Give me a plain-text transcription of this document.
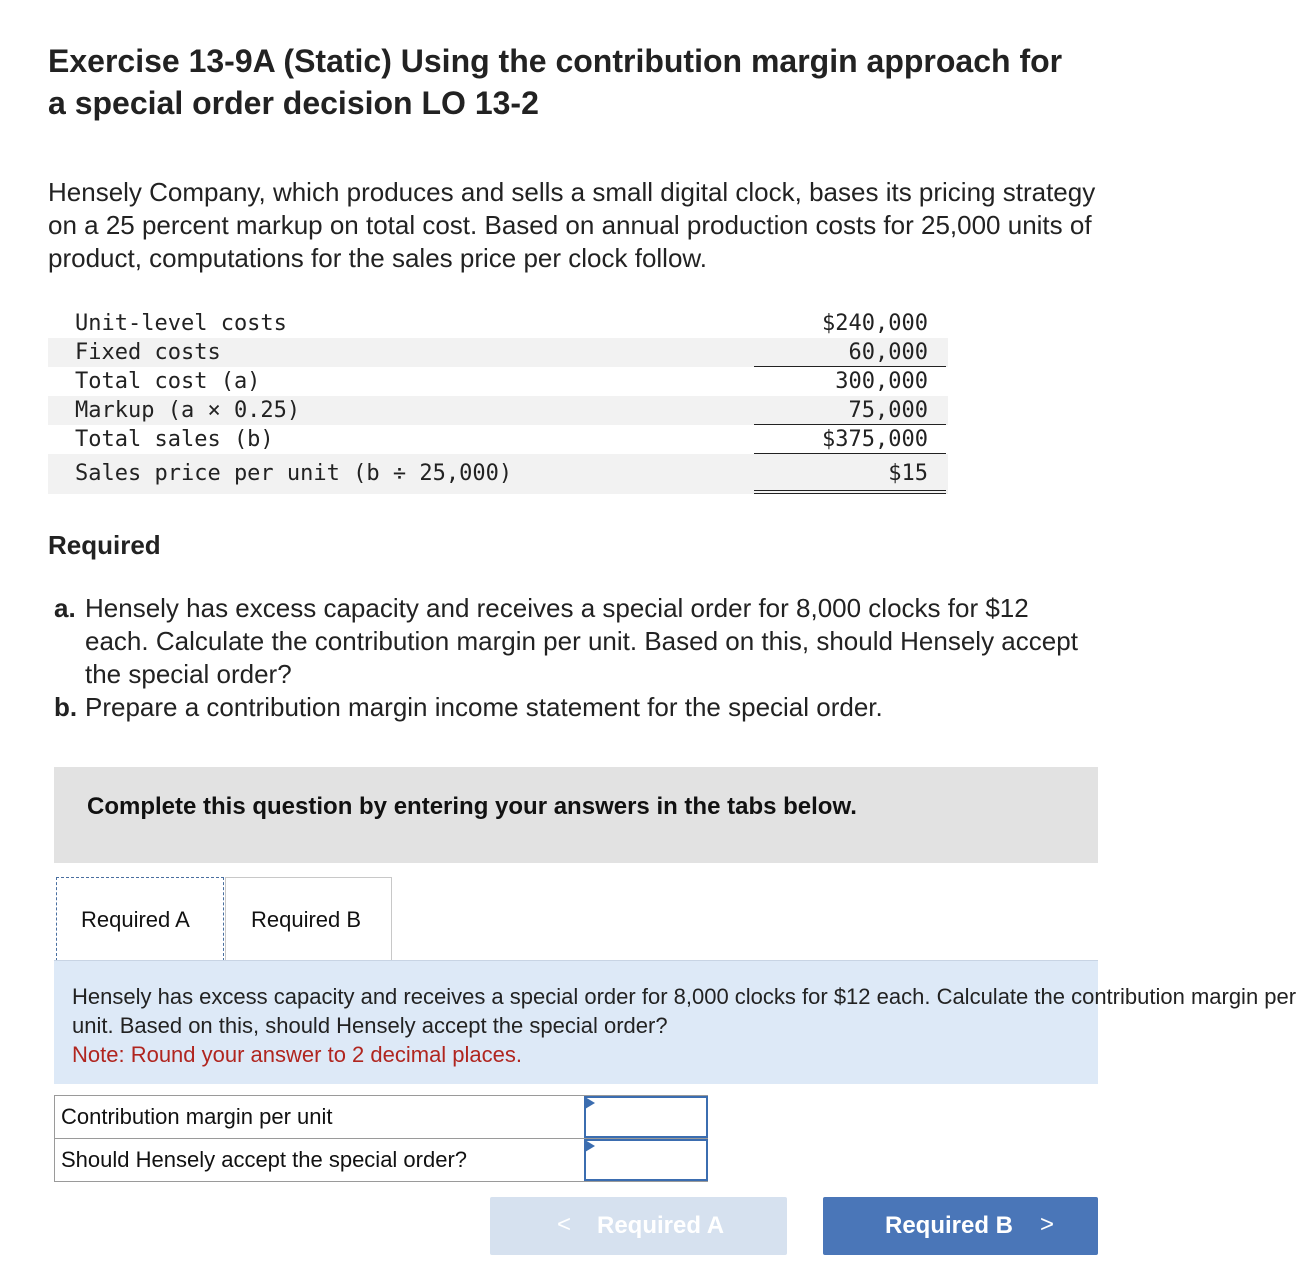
Exercise 13-9A (Static) Using the contribution margin approach for a special order decision LO 13-2

Hensely Company, which produces and sells a small digital clock, bases its pricing strategy on a 25 percent markup on total cost. Based on annual production costs for 25,000 units of product, computations for the sales price per clock follow.

Unit-level costs	$240,000
Fixed costs	60,000
Total cost (a)	300,000
Markup (a × 0.25)	75,000
Total sales (b)	$375,000
Sales price per unit (b ÷ 25,000)	$15
Required
a. Hensely has excess capacity and receives a special order for 8,000 clocks for $12 each. Calculate the contribution margin per unit. Based on this, should Hensely accept the special order?
b. Prepare a contribution margin income statement for the special order.
Complete this question by entering your answers in the tabs below.
Required A	Required B
Hensely has excess capacity and receives a special order for 8,000 clocks for $12 each. Calculate the contribution margin per
unit. Based on this, should Hensely accept the special order?
Note: Round your answer to 2 decimal places.
Contribution margin per unit
Should Hensely accept the special order?
< Required A	Required B >
